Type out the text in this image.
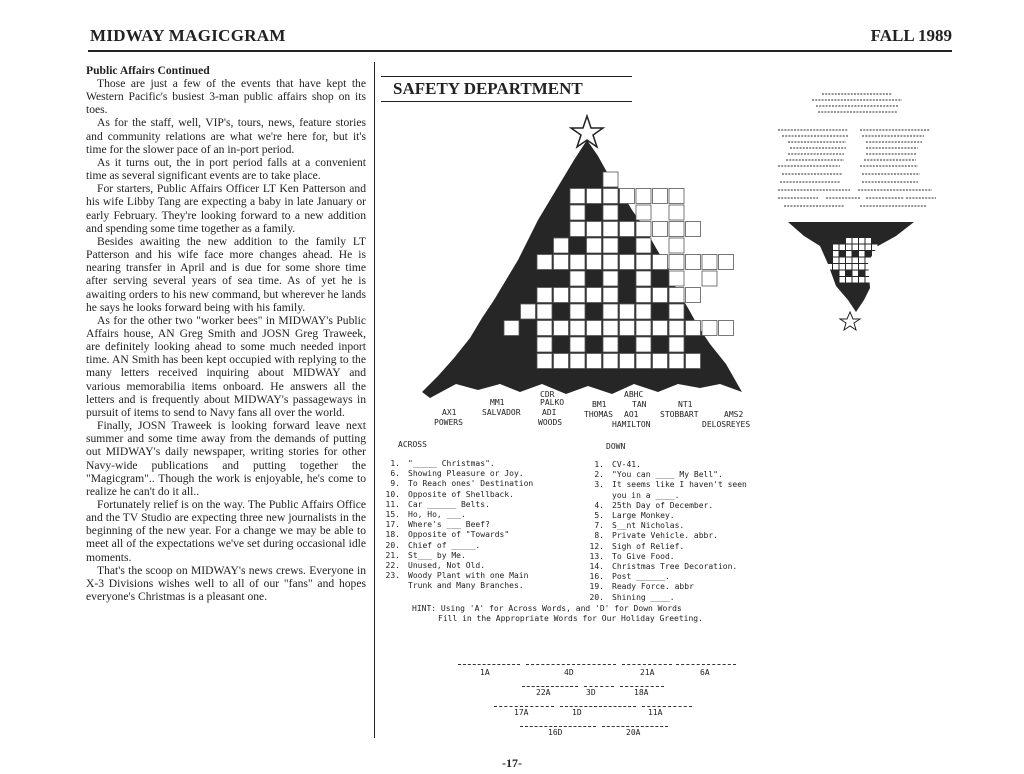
MIDWAY MAGICGRAM	FALL 1989
Public Affairs Continued

Those are just a few of the events that have kept the Western Pacific's busiest 3-man public affairs shop on its toes.

As for the staff, well, VIP's, tours, news, feature stories and community relations are what we're here for, but it's time for the slower pace of an in-port period.

As it turns out, the in port period falls at a convenient time as several significant events are to take place.

For starters, Public Affairs Officer LT Ken Patterson and his wife Libby Tang are expecting a baby in late January or early February. They're looking forward to a new addition and spending some time together as a family.

Besides awaiting the new addition to the family LT Patterson and his wife face more changes ahead. He is nearing transfer in April and is due for some shore time after serving several years of sea time. As of yet he is awaiting orders to his new command, but wherever he lands he says he looks forward being with his family.

As for the other two "worker bees" in MIDWAY's Public Affairs house, AN Greg Smith and JOSN Greg Traweek, are definitely looking ahead to some much needed inport time. AN Smith has been kept occupied with replying to the many letters received inquiring about MIDWAY and various memorabilia items onboard. He answers all the letters and is frequently about MIDWAY's passageways in pursuit of items to send to Navy fans all over the world.

Finally, JOSN Traweek is looking forward leave next summer and some time away from the demands of putting out MIDWAY's daily newspaper, writing stories for other Navy-wide publications and putting together the "Magicgram".. Though the work is enjoyable, he's come to realize he can't do it all..

Fortunately relief is on the way. The Public Affairs Office and the TV Studio are expecting three new journalists in the beginning of the new year. For a change we may be able to meet all of the expectations we've set during occasional idle moments.

That's the scoop on MIDWAY's news crews. Everyone in X-3 Divisions wishes well to all of our "fans" and hopes everyone's Christmas is a pleasant one.

SAFETY DEPARTMENT
CDR	ABHC
MM1	PALKO	BM1	TAN	NT1
AX1	SALVADOR	ADI	THOMAS AO1	STOBBART	AMS2
POWERS	WOODS	HAMILTON	DELOSREYES
ACROSS	DOWN
1. "_____ Christmas".
6. Showing Pleasure or Joy.
9. To Reach ones' Destination
10. Opposite of Shellback.
11. Car ______ Belts.
15. Ho, Ho, ___.
17. Where's ___ Beef?
18. Opposite of "Towards"
20. Chief of _____.
21. St___ by Me.
22. Unused, Not Old.
23. Woody Plant with one Main
Trunk and Many Branches.
1. CV-41.
2. "You can ____ My Bell".
3. It seems like I haven't seen
you in a ____.
4. 25th Day of December.
5. Large Monkey.
7. S__nt Nicholas.
8. Private Vehicle. abbr.
12. Sigh of Relief.
13. To Give Food.
14. Christmas Tree Decoration.
16. Post ______.
19. Ready Force. abbr
20. Shining ____.
HINT: Using 'A' for Across Words, and 'D' for Down Words
Fill in the Appropriate Words for Our Holiday Greeting.
1A	4D	21A	6A
22A	3D	18A
17A	1D	11A
16D	20A
-17-
